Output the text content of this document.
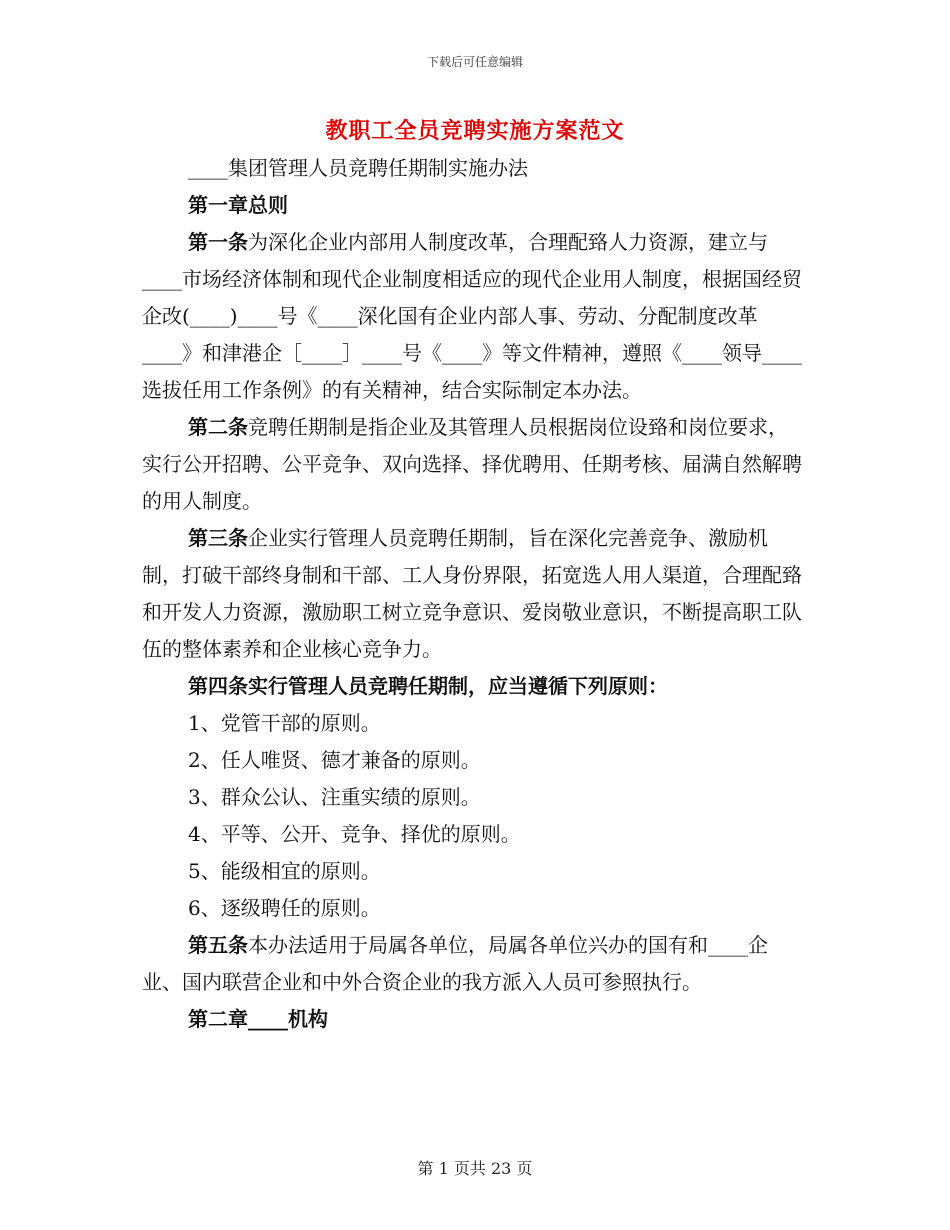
下载后可任意编辑
教职工全员竞聘实施方案范文

____集团管理人员竞聘任期制实施办法

第一章总则

第一条为深化企业内部用人制度改革，合理配臵人力资源，建立与____市场经济体制和现代企业制度相适应的现代企业用人制度，根据国经贸企改(____)____号《____深化国有企业内部人事、劳动、分配制度改革____》和津港企［____］____号《____》等文件精神，遵照《____领导____选拔任用工作条例》的有关精神，结合实际制定本办法。

第二条竞聘任期制是指企业及其管理人员根据岗位设臵和岗位要求，实行公开招聘、公平竞争、双向选择、择优聘用、任期考核、届满自然解聘的用人制度。

第三条企业实行管理人员竞聘任期制，旨在深化完善竞争、激励机制，打破干部终身制和干部、工人身份界限，拓宽选人用人渠道，合理配臵和开发人力资源，激励职工树立竞争意识、爱岗敬业意识，不断提高职工队伍的整体素养和企业核心竞争力。

第四条实行管理人员竞聘任期制，应当遵循下列原则：

1、党管干部的原则。

2、任人唯贤、德才兼备的原则。

3、群众公认、注重实绩的原则。

4、平等、公开、竞争、择优的原则。

5、能级相宜的原则。

6、逐级聘任的原则。

第五条本办法适用于局属各单位，局属各单位兴办的国有和____企业、国内联营企业和中外合资企业的我方派入人员可参照执行。

第二章____机构

第 1 页共 23 页
